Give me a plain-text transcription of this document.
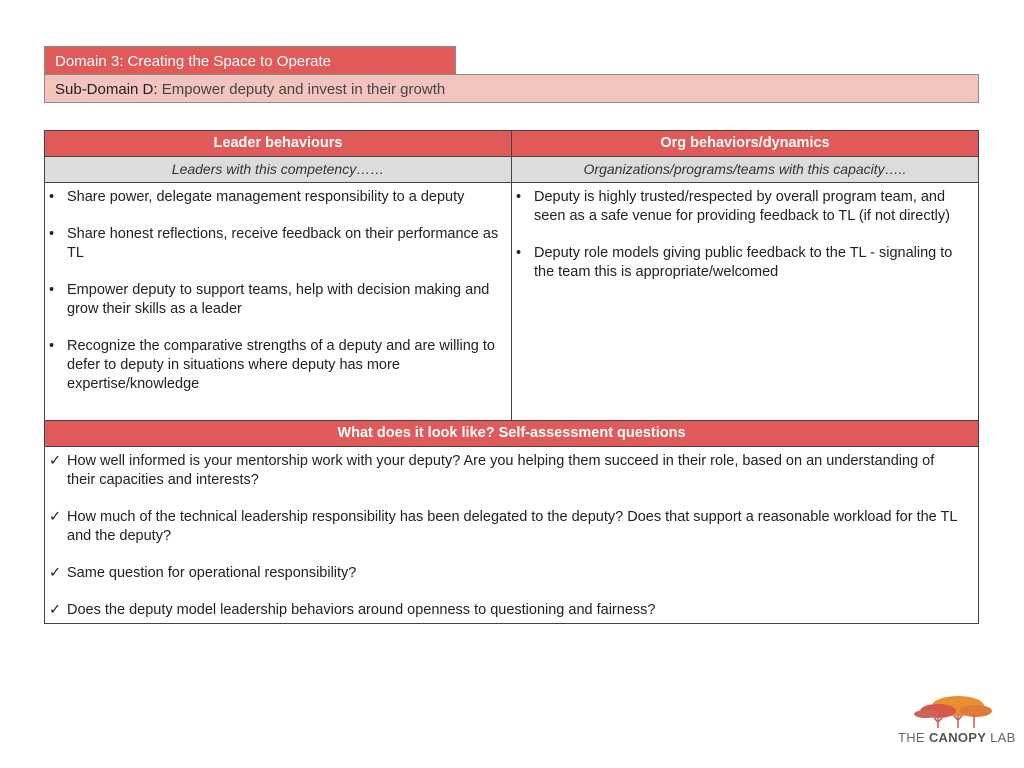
Domain 3: Creating the Space to Operate
Sub-Domain D: Empower deputy and invest in their growth
Leader behaviours	Org behaviors/dynamics
Leaders with this competency……	Organizations/programs/teams with this capacity…..
• Share power, delegate management responsibility to a deputy
• Share honest reflections, receive feedback on their performance as TL
• Empower deputy to support teams, help with decision making and grow their skills as a leader
• Recognize the comparative strengths of a deputy and are willing to defer to deputy in situations where deputy has more expertise/knowledge
• Deputy is highly trusted/respected by overall program team, and seen as a safe venue for providing feedback to TL (if not directly)
• Deputy role models giving public feedback to the TL - signaling to the team this is appropriate/welcomed
What does it look like? Self-assessment questions
✓ How well informed is your mentorship work with your deputy? Are you helping them succeed in their role, based on an understanding of their capacities and interests?
✓ How much of the technical leadership responsibility has been delegated to the deputy? Does that support a reasonable workload for the TL and the deputy?
✓ Same question for operational responsibility?
✓ Does the deputy model leadership behaviors around openness to questioning and fairness?
THE CANOPY LAB
